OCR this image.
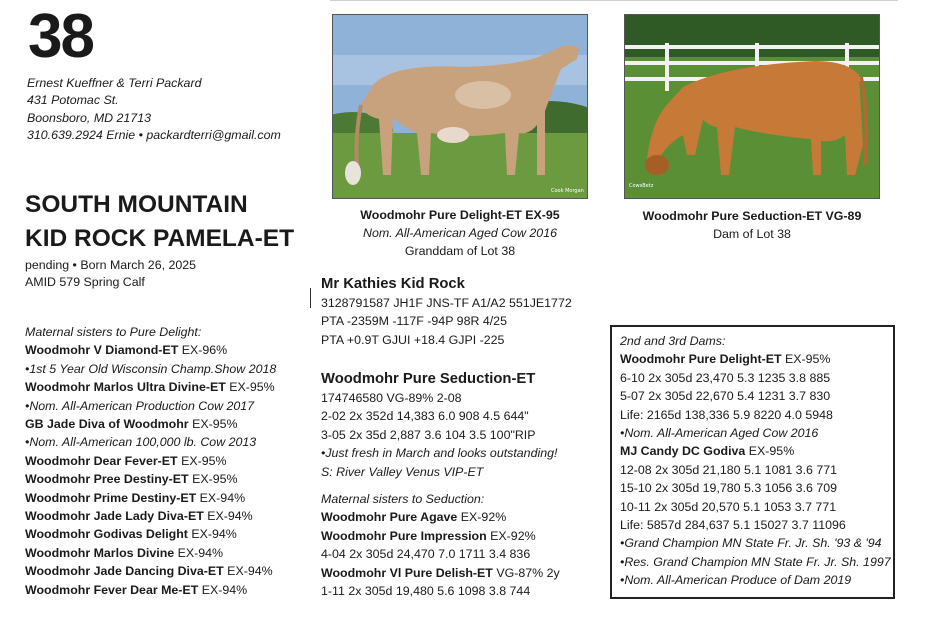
38
Ernest Kueffner & Terri Packard
431 Potomac St.
Boonsboro, MD 21713
310.639.2924 Ernie • packardterri@gmail.com
SOUTH MOUNTAIN
KID ROCK PAMELA-ET
pending • Born March 26, 2025
AMID 579 Spring Calf
Cook Morgan
Woodmohr Pure Delight-ET EX-95
Nom. All-American Aged Cow 2016
Granddam of Lot 38
CowsBetz
Woodmohr Pure Seduction-ET VG-89
Dam of Lot 38
Maternal sisters to Pure Delight:
Woodmohr V Diamond-ET EX-96%
•1st 5 Year Old Wisconsin Champ.Show 2018
Woodmohr Marlos Ultra Divine-ET EX-95%
•Nom. All-American Production Cow 2017
GB Jade Diva of Woodmohr EX-95%
•Nom. All-American 100,000 lb. Cow 2013
Woodmohr Dear Fever-ET EX-95%
Woodmohr Pree Destiny-ET EX-95%
Woodmohr Prime Destiny-ET EX-94%
Woodmohr Jade Lady Diva-ET EX-94%
Woodmohr Godivas Delight EX-94%
Woodmohr Marlos Divine EX-94%
Woodmohr Jade Dancing Diva-ET EX-94%
Woodmohr Fever Dear Me-ET EX-94%
Mr Kathies Kid Rock
3128791587 JH1F JNS-TF A1/A2 551JE1772
PTA -2359M -117F -94P 98R 4/25
PTA +0.9T GJUI +18.4 GJPI -225
Woodmohr Pure Seduction-ET
174746580 VG-89% 2-08
2-02 2x 352d 14,383 6.0 908 4.5 644"
3-05 2x 35d 2,887 3.6 104 3.5 100"RIP
•Just fresh in March and looks outstanding!
S: River Valley Venus VIP-ET
Maternal sisters to Seduction:
Woodmohr Pure Agave EX-92%
Woodmohr Pure Impression EX-92%
4-04 2x 305d 24,470 7.0 1711 3.4 836
Woodmohr Vl Pure Delish-ET VG-87% 2y
1-11 2x 305d 19,480 5.6 1098 3.8 744
2nd and 3rd Dams:
Woodmohr Pure Delight-ET EX-95%
6-10 2x 305d 23,470 5.3 1235 3.8 885
5-07 2x 305d 22,670 5.4 1231 3.7 830
Life: 2165d 138,336 5.9 8220 4.0 5948
•Nom. All-American Aged Cow 2016
MJ Candy DC Godiva EX-95%
12-08 2x 305d 21,180 5.1 1081 3.6 771
15-10 2x 305d 19,780 5.3 1056 3.6 709
10-11 2x 305d 20,570 5.1 1053 3.7 771
Life: 5857d 284,637 5.1 15027 3.7 11096
•Grand Champion MN State Fr. Jr. Sh. '93 & '94
•Res. Grand Champion MN State Fr. Jr. Sh. 1997
•Nom. All-American Produce of Dam 2019
